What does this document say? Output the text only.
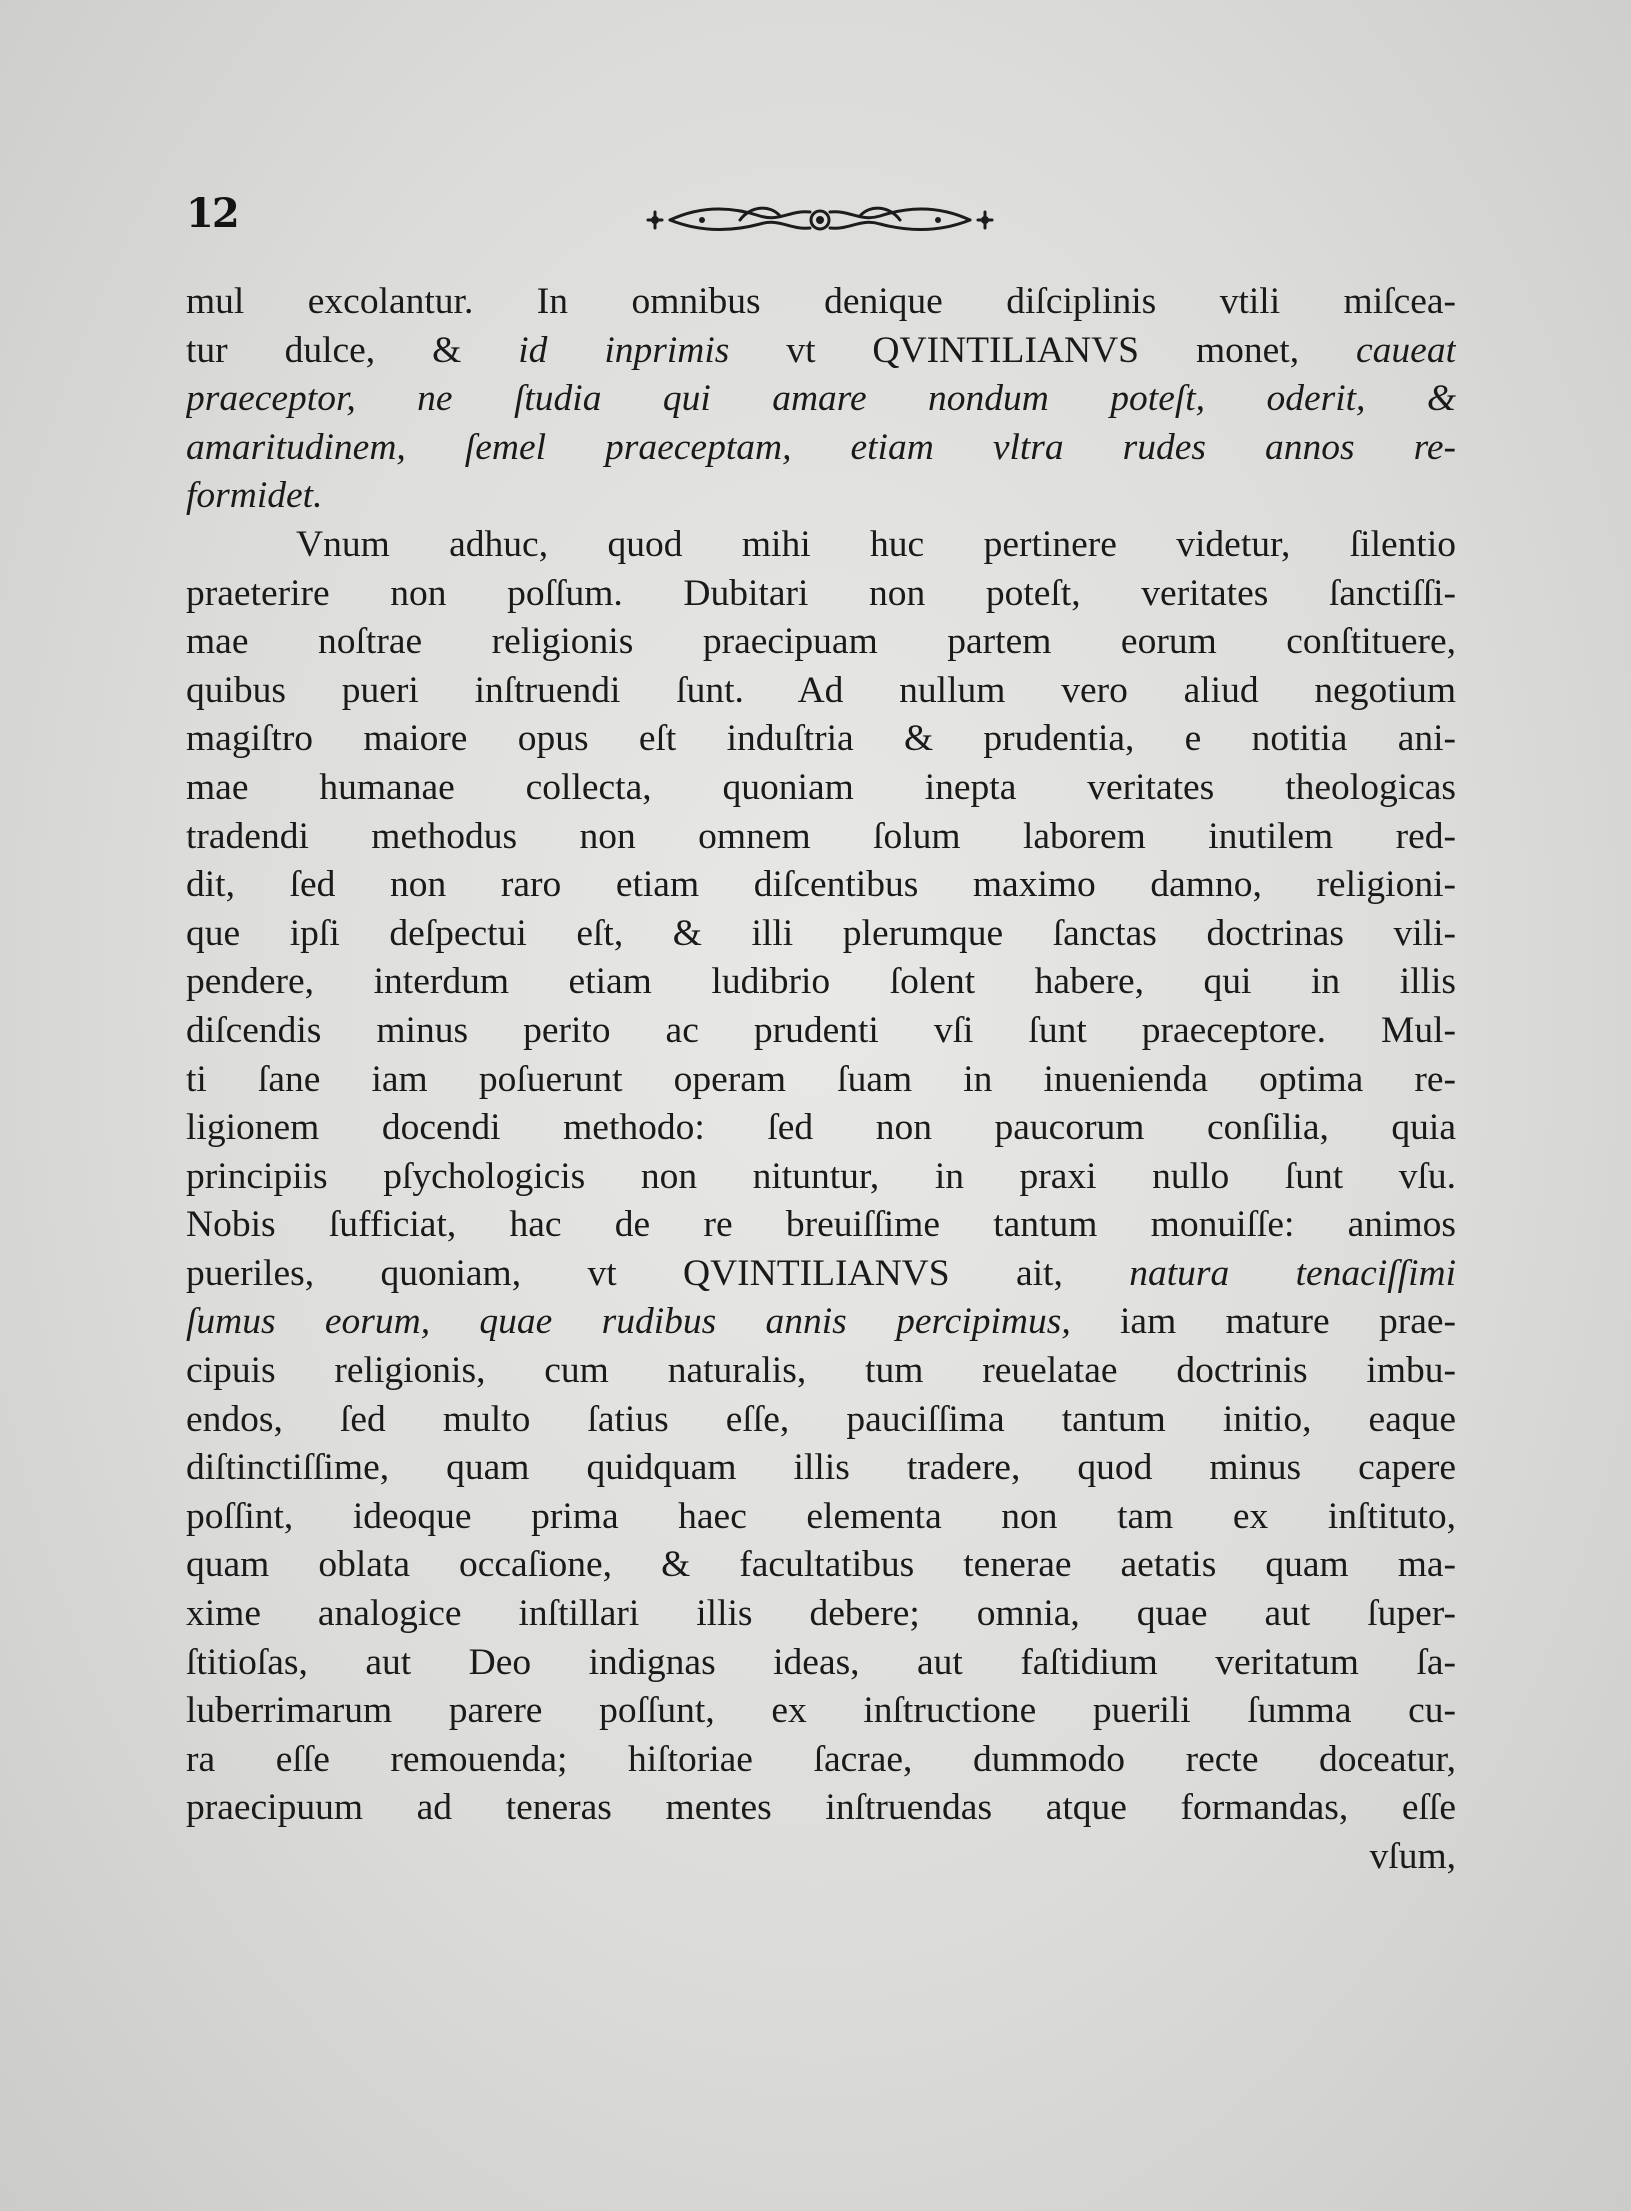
12
mul excolantur. In omnibus denique diſciplinis vtili miſcea-
tur dulce, & id inprimis vt QVINTILIANVS monet, caueat
praeceptor, ne ſtudia qui amare nondum poteſt, oderit, &
amaritudinem, ſemel praeceptam, etiam vltra rudes annos re-
formidet.
Vnum adhuc, quod mihi huc pertinere videtur, ſilentio
praeterire non poſſum. Dubitari non poteſt, veritates ſanctiſſi-
mae noſtrae religionis praecipuam partem eorum conſtituere,
quibus pueri inſtruendi ſunt. Ad nullum vero aliud negotium
magiſtro maiore opus eſt induſtria & prudentia, e notitia ani-
mae humanae collecta, quoniam inepta veritates theologicas
tradendi methodus non omnem ſolum laborem inutilem red-
dit, ſed non raro etiam diſcentibus maximo damno, religioni-
que ipſi deſpectui eſt, & illi plerumque ſanctas doctrinas vili-
pendere, interdum etiam ludibrio ſolent habere, qui in illis
diſcendis minus perito ac prudenti vſi ſunt praeceptore. Mul-
ti ſane iam poſuerunt operam ſuam in inuenienda optima re-
ligionem docendi methodo: ſed non paucorum conſilia, quia
principiis pſychologicis non nituntur, in praxi nullo ſunt vſu.
Nobis ſufficiat, hac de re breuiſſime tantum monuiſſe: animos
pueriles, quoniam, vt QVINTILIANVS ait, natura tenaciſſimi
ſumus eorum, quae rudibus annis percipimus, iam mature prae-
cipuis religionis, cum naturalis, tum reuelatae doctrinis imbu-
endos, ſed multo ſatius eſſe, pauciſſima tantum initio, eaque
diſtinctiſſime, quam quidquam illis tradere, quod minus capere
poſſint, ideoque prima haec elementa non tam ex inſtituto,
quam oblata occaſione, & facultatibus tenerae aetatis quam ma-
xime analogice inſtillari illis debere; omnia, quae aut ſuper-
ſtitioſas, aut Deo indignas ideas, aut faſtidium veritatum ſa-
luberrimarum parere poſſunt, ex inſtructione puerili ſumma cu-
ra eſſe remouenda; hiſtoriae ſacrae, dummodo recte doceatur,
praecipuum ad teneras mentes inſtruendas atque formandas, eſſe
vſum,
